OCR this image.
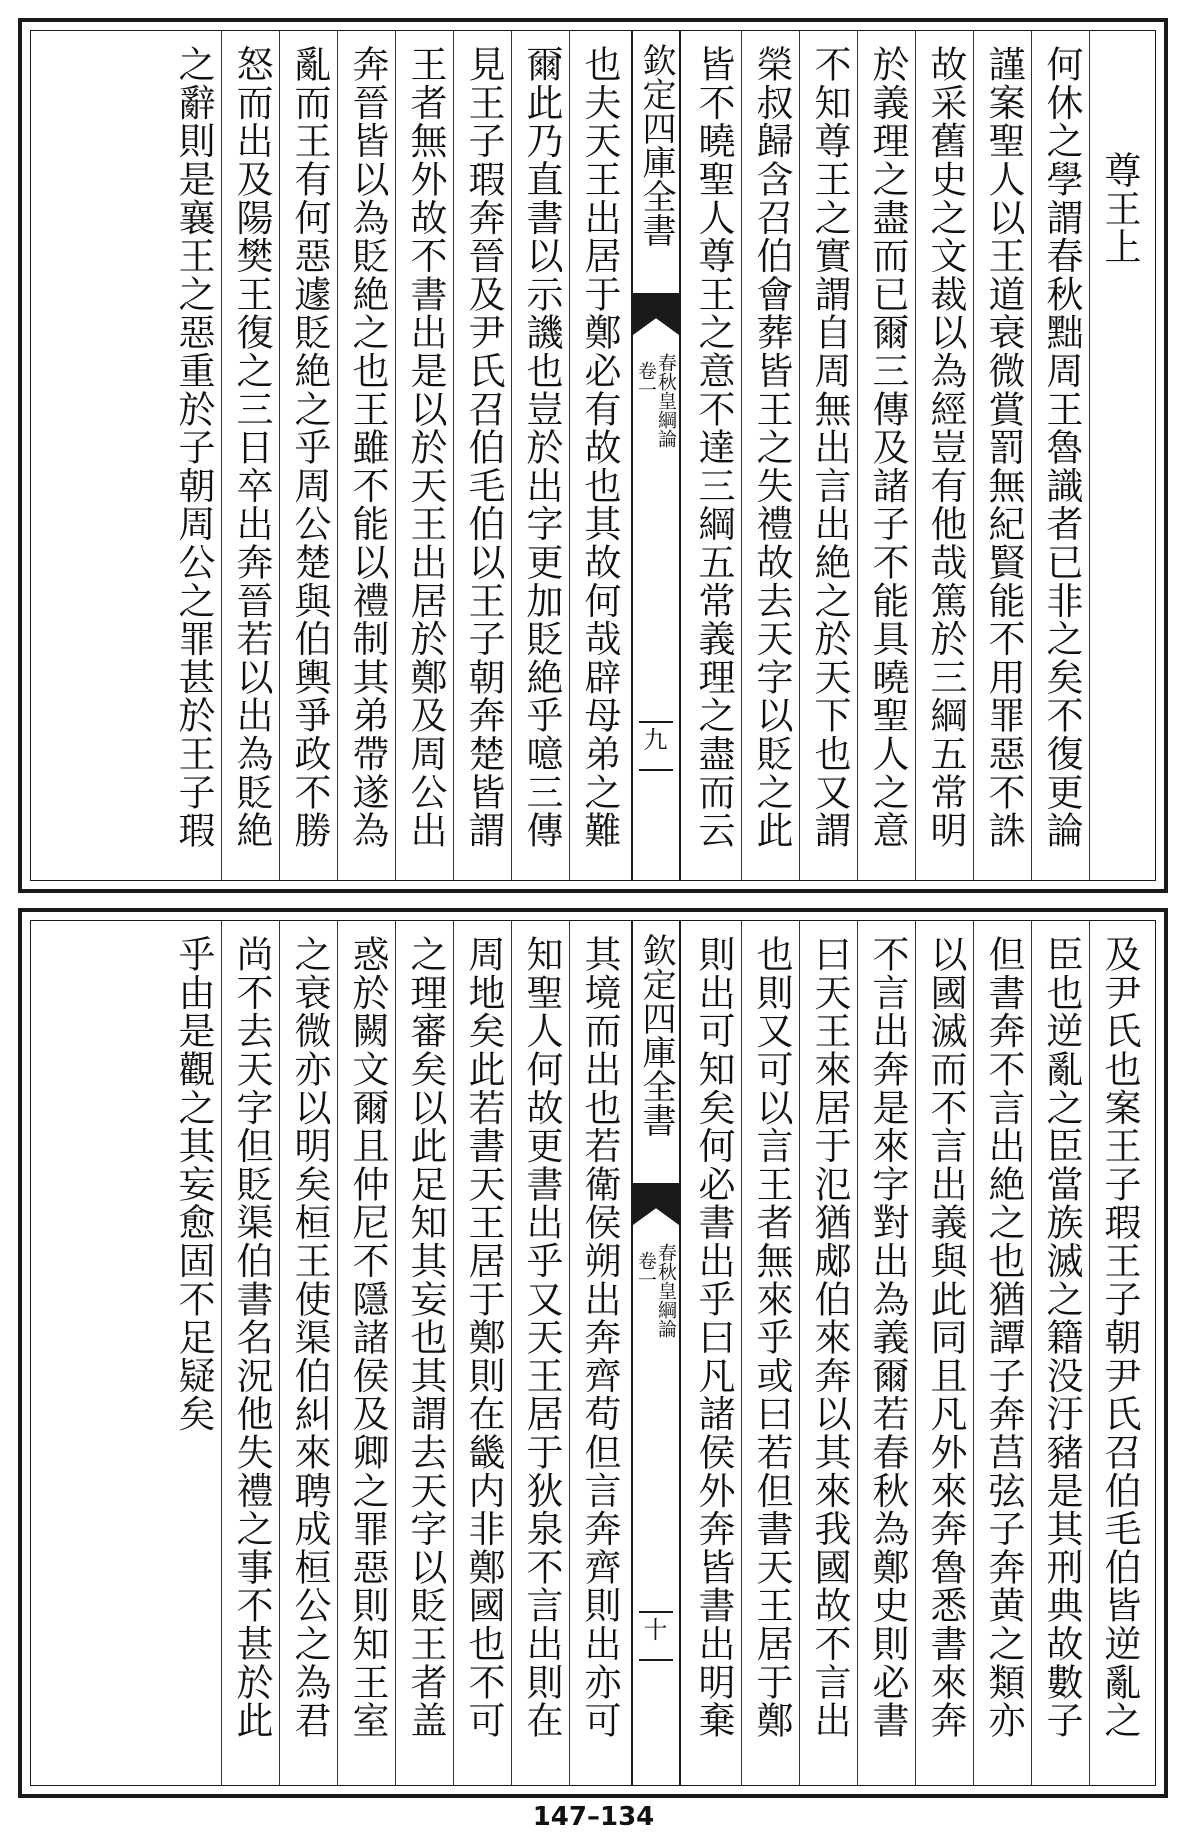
尊王上
何休之學謂春秋黜周王魯識者已非之矣不復更論
謹案聖人以王道衰微賞罰無紀賢能不用罪惡不誅
故采舊史之文裁以為經豈有他哉篤於三綱五常明
於義理之盡而已爾三傳及諸子不能具曉聖人之意
不知尊王之實謂自周無出言出絶之於天下也又謂
榮叔歸含召伯會葬皆王之失禮故去天字以貶之此
皆不曉聖人尊王之意不達三綱五常義理之盡而云
欽定四庫全書
春秋皇綱論
卷一
九
也夫天王出居于鄭必有故也其故何哉辟母弟之難
爾此乃直書以示譏也豈於出字更加貶絶乎噫三傳
見王子瑕奔晉及尹氏召伯毛伯以王子朝奔楚皆謂
王者無外故不書出是以於天王出居於鄭及周公出
奔晉皆以為貶絶之也王雖不能以禮制其弟帶遂為
亂而王有何惡遽貶絶之乎周公楚與伯輿爭政不勝
怒而出及陽樊王復之三日卒出奔晉若以出為貶絶
之辭則是襄王之惡重於子朝周公之罪甚於王子瑕
及尹氏也案王子瑕王子朝尹氏召伯毛伯皆逆亂之
臣也逆亂之臣當族滅之籍没汙豬是其刑典故數子
但書奔不言出絶之也猶譚子奔莒弦子奔黄之類亦
以國滅而不言出義與此同且凡外來奔魯悉書來奔
不言出奔是來字對出為義爾若春秋為鄭史則必書
曰天王來居于氾猶郕伯來奔以其來我國故不言出
也則又可以言王者無來乎或曰若但書天王居于鄭
則出可知矣何必書出乎曰凡諸侯外奔皆書出明棄
欽定四庫全書
春秋皇綱論
卷一
十
其境而出也若衛侯朔出奔齊苟但言奔齊則出亦可
知聖人何故更書出乎又天王居于狄泉不言出則在
周地矣此若書天王居于鄭則在畿内非鄭國也不可
之理審矣以此足知其妄也其謂去天字以貶王者盖
惑於闕文爾且仲尼不隱諸侯及卿之罪惡則知王室
之衰微亦以明矣桓王使渠伯糾來聘成桓公之為君
尚不去天字但貶渠伯書名況他失禮之事不甚於此
乎由是觀之其妄愈固不足疑矣
147–134
